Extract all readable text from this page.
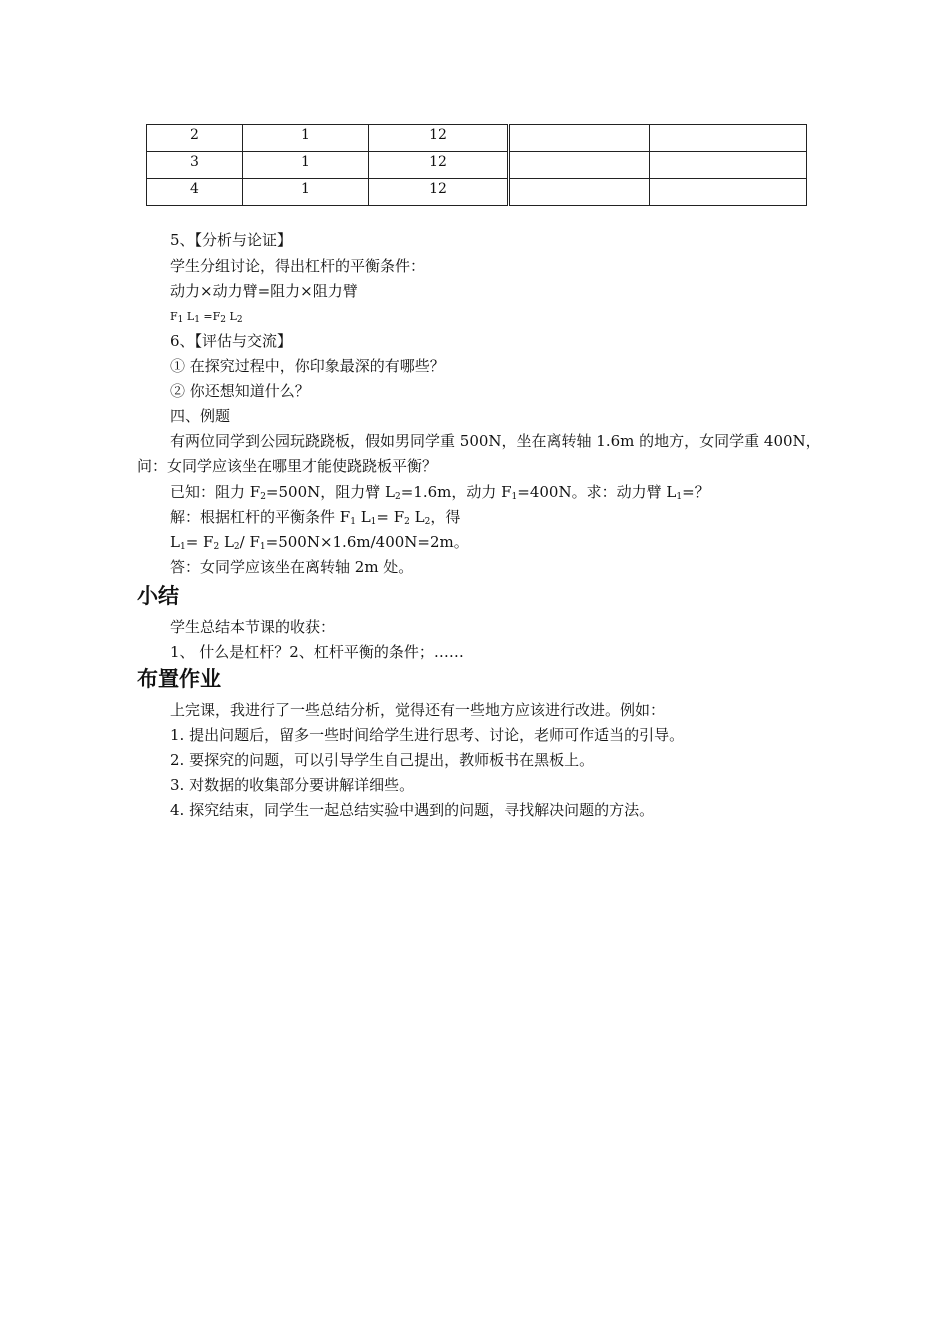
2	1	12		
3	1	12		
4	1	12		
5、【分析与论证】
学生分组讨论，得出杠杆的平衡条件：
动力×动力臂=阻力×阻力臂
$F_1$ $L_1 =F_2$ $L_2$
6、【评估与交流】
① 在探究过程中，你印象最深的有哪些？
② 你还想知道什么？
四、例题
有两位同学到公园玩跷跷板，假如男同学重 500N，坐在离转轴 1.6m 的地方，女同学重 400N，问：女同学应该坐在哪里才能使跷跷板平衡？
已知：阻力 $F_2=500N$，阻力臂 $L_2=1.6m$，动力 $F_1=400N$。求：动力臂 $L_1=$？
解：根据杠杆的平衡条件 $F_1$ $L_1= F_2$ $L_2$，得
$L_1= F_2$ $L_2/$ $F_1=500N\times 1.6m/400N=2m$。
答：女同学应该坐在离转轴 2m 处。
小结
学生总结本节课的收获：
1、 什么是杠杆？2、杠杆平衡的条件；……
布置作业
上完课，我进行了一些总结分析，觉得还有一些地方应该进行改进。例如：
1. 提出问题后，留多一些时间给学生进行思考、讨论，老师可作适当的引导。
2. 要探究的问题，可以引导学生自己提出，教师板书在黑板上。
3. 对数据的收集部分要讲解详细些。
4. 探究结束，同学生一起总结实验中遇到的问题，寻找解决问题的方法。
